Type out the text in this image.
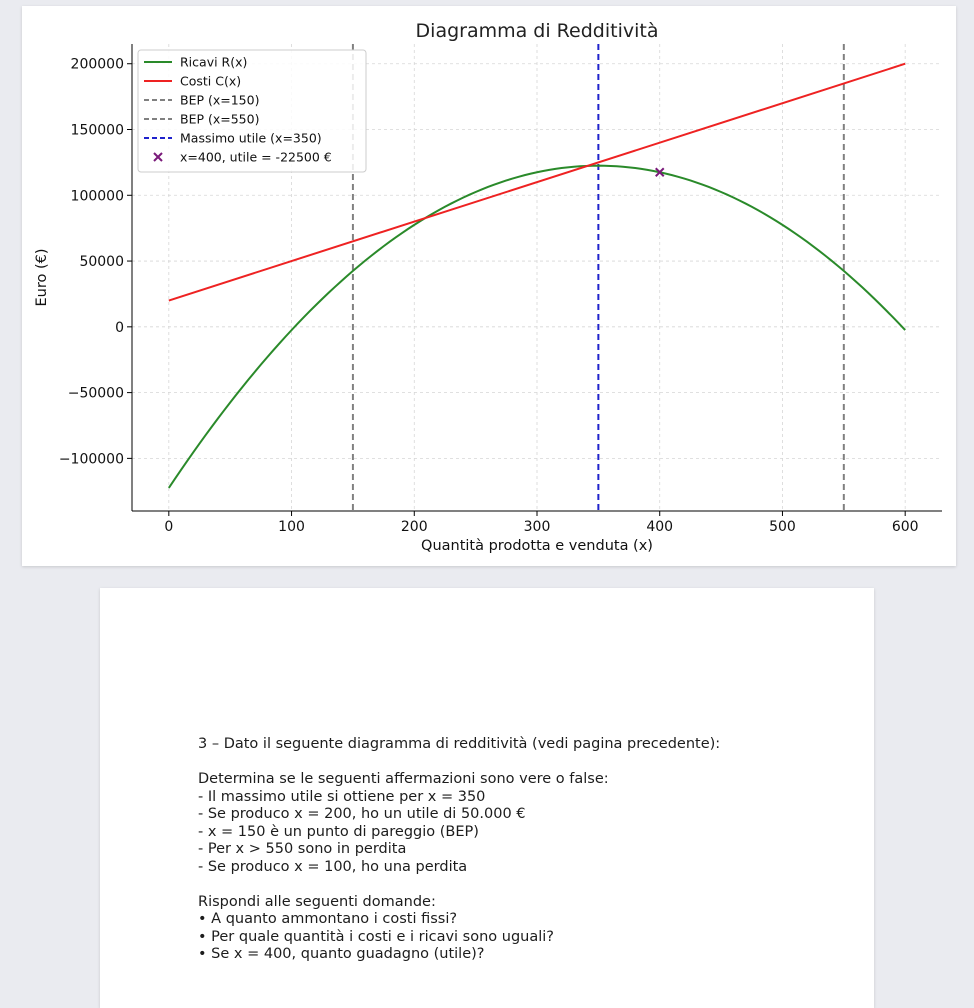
0	100	200	300	400	500	600
−100000
−50000
0
50000
100000
150000
200000
Diagramma di Redditività
Quantità prodotta e venduta (x)
Euro (€)
Ricavi R(x)
Costi C(x)
BEP (x=150)
BEP (x=550)
Massimo utile (x=350)
x=400, utile = -22500 €

3 – Dato il seguente diagramma di redditività (vedi pagina precedente):

Determina se le seguenti affermazioni sono vere o false:

- Il massimo utile si ottiene per x = 350
- Se produco x = 200, ho un utile di 50.000 €
- x = 150 è un punto di pareggio (BEP)
- Per x > 550 sono in perdita
- Se produco x = 100, ho una perdita

Rispondi alle seguenti domande:

• A quanto ammontano i costi fissi?
• Per quale quantità i costi e i ricavi sono uguali?
• Se x = 400, quanto guadagno (utile)?
